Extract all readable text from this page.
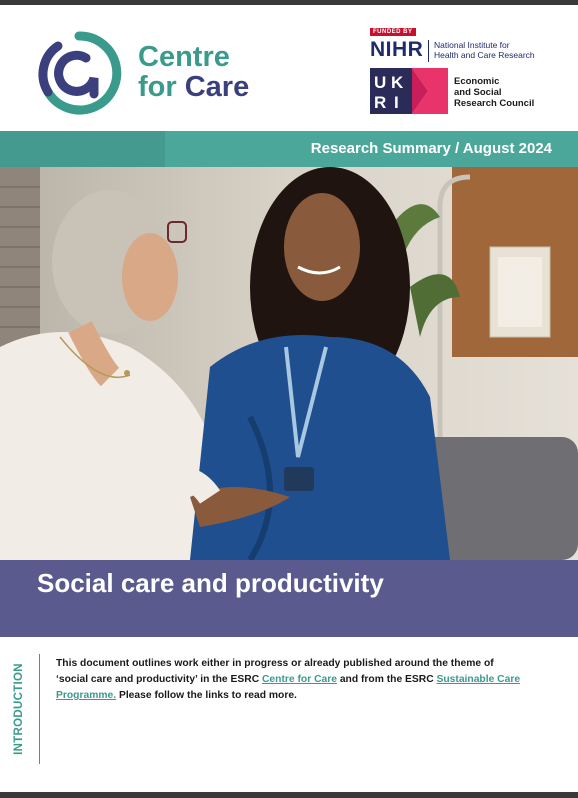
Centre
for Care
FUNDED BY
NIHR National Institute for
Health and Care Research
U K
R I
Economic
and Social
Research Council
Research Summary / August 2024
Social care and productivity
INTRODUCTION	This document outlines work either in progress or already published around the theme of ‘social care and productivity’ in the ESRC Centre for Care and from the ESRC Sustainable Care Programme. Please follow the links to read more.
